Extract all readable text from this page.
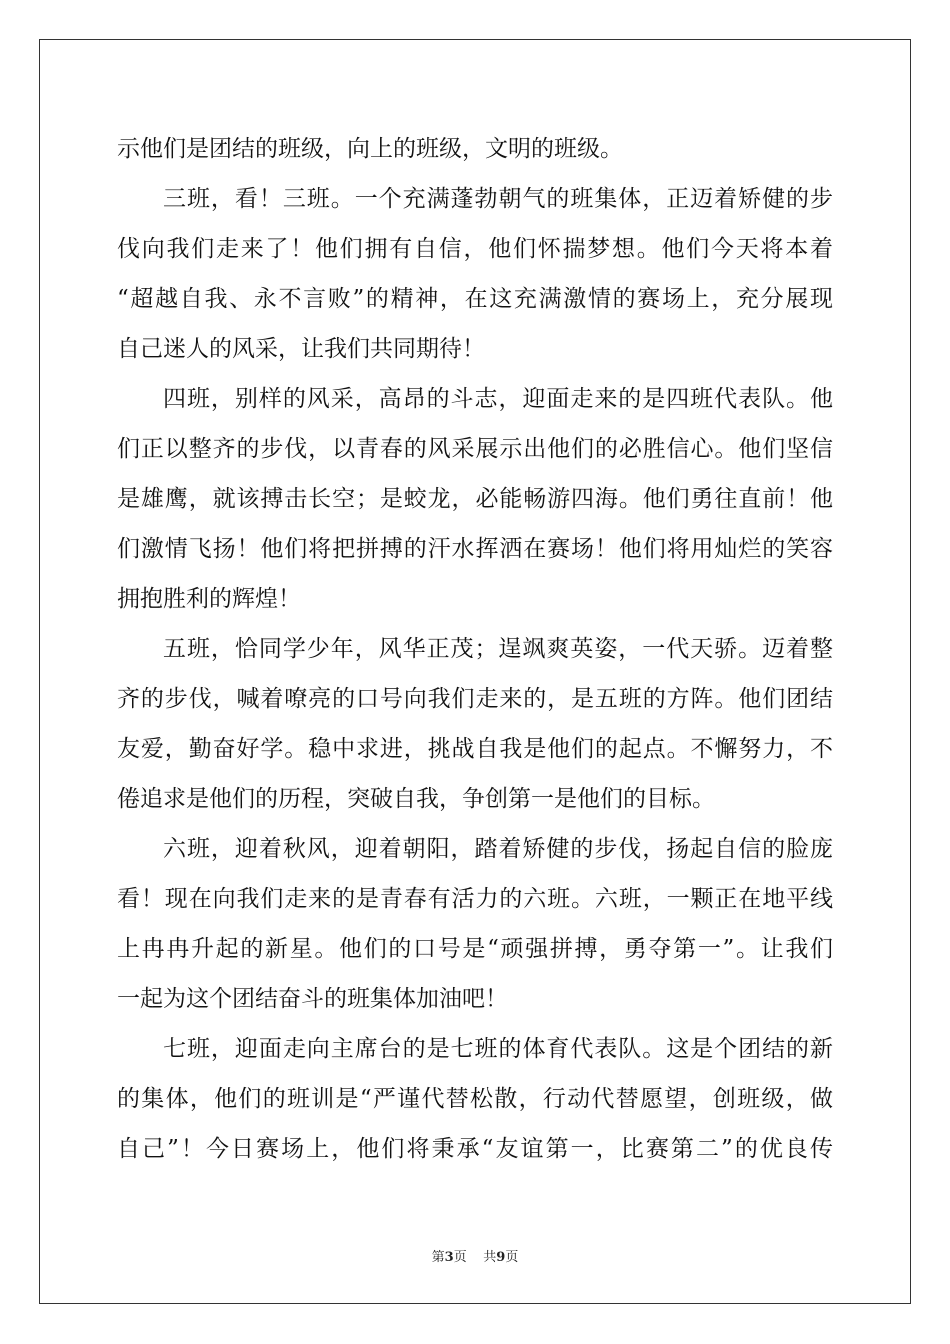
示他们是团结的班级，向上的班级，文明的班级。
三班，看！三班。一个充满蓬勃朝气的班集体，正迈着矫健的步
伐向我们走来了！他们拥有自信，他们怀揣梦想。他们今天将本着
“超越自我、永不言败”的精神，在这充满激情的赛场上，充分展现
自己迷人的风采，让我们共同期待！
四班，别样的风采，高昂的斗志，迎面走来的是四班代表队。他
们正以整齐的步伐，以青春的风采展示出他们的必胜信心。他们坚信
是雄鹰，就该搏击长空；是蛟龙，必能畅游四海。他们勇往直前！他
们激情飞扬！他们将把拼搏的汗水挥洒在赛场！他们将用灿烂的笑容
拥抱胜利的辉煌！
五班，恰同学少年，风华正茂；逞飒爽英姿，一代天骄。迈着整
齐的步伐，喊着嘹亮的口号向我们走来的，是五班的方阵。他们团结
友爱，勤奋好学。稳中求进，挑战自我是他们的起点。不懈努力，不
倦追求是他们的历程，突破自我，争创第一是他们的目标。
六班，迎着秋风，迎着朝阳，踏着矫健的步伐，扬起自信的脸庞
看！现在向我们走来的是青春有活力的六班。六班，一颗正在地平线
上冉冉升起的新星。他们的口号是“顽强拼搏，勇夺第一”。让我们
一起为这个团结奋斗的班集体加油吧！
七班，迎面走向主席台的是七班的体育代表队。这是个团结的新
的集体，他们的班训是“严谨代替松散，行动代替愿望，创班级，做
自己”！今日赛场上，他们将秉承“友谊第一，比赛第二”的优良传
第3页 共9页
